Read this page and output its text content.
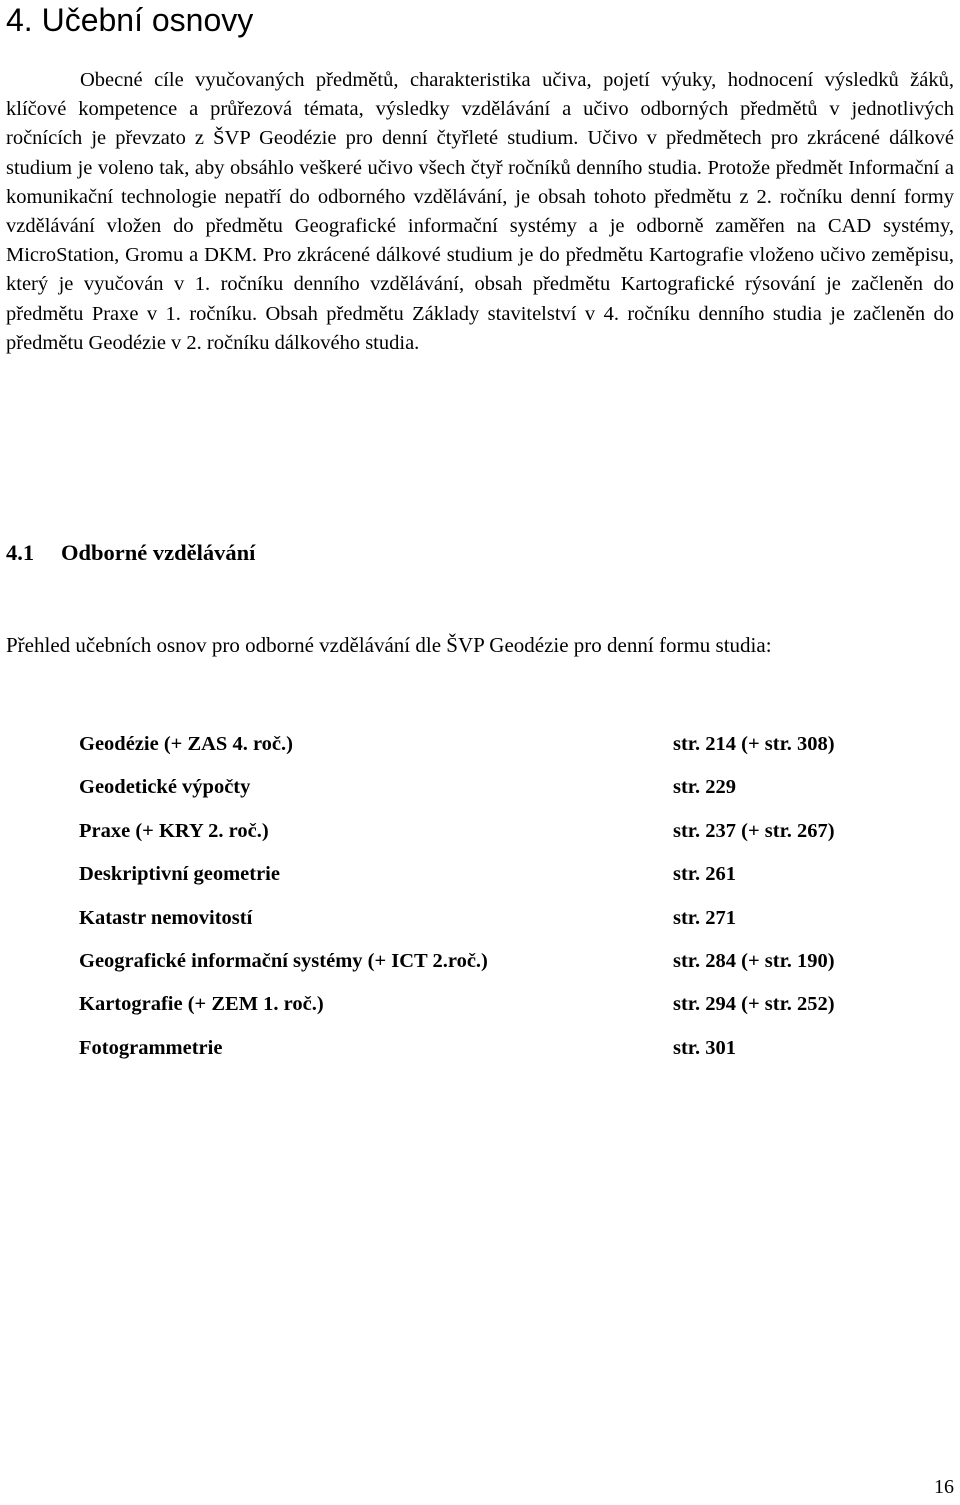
4. Učební osnovy

Obecné cíle vyučovaných předmětů, charakteristika učiva, pojetí výuky, hodnocení výsledků žáků, klíčové kompetence a průřezová témata, výsledky vzdělávání a učivo odborných předmětů v jednotlivých ročnících je převzato z ŠVP Geodézie pro denní čtyřleté studium. Učivo v předmětech pro zkrácené dálkové studium je voleno tak, aby obsáhlo veškeré učivo všech čtyř ročníků denního studia. Protože předmět Informační a komunikační technologie nepatří do odborného vzdělávání, je obsah tohoto předmětu z 2. ročníku denní formy vzdělávání vložen do předmětu Geografické informační systémy a je odborně zaměřen na CAD systémy, MicroStation, Gromu a DKM. Pro zkrácené dálkové studium je do předmětu Kartografie vloženo učivo zeměpisu, který je vyučován v 1. ročníku denního vzdělávání, obsah předmětu Kartografické rýsování je začleněn do předmětu Praxe v 1. ročníku. Obsah předmětu Základy stavitelství v 4. ročníku denního studia je začleněn do předmětu Geodézie v 2. ročníku dálkového studia.

4.1 Odborné vzdělávání

Přehled učebních osnov pro odborné vzdělávání dle ŠVP Geodézie pro denní formu studia:

Geodézie (+ ZAS 4. roč.)	str. 214 (+ str. 308)
Geodetické výpočty	str. 229
Praxe (+ KRY 2. roč.)	str. 237 (+ str. 267)
Deskriptivní geometrie	str. 261
Katastr nemovitostí	str. 271
Geografické informační systémy (+ ICT 2.roč.)	str. 284 (+ str. 190)
Kartografie (+ ZEM 1. roč.)	str. 294 (+ str. 252)
Fotogrammetrie	str. 301

16
